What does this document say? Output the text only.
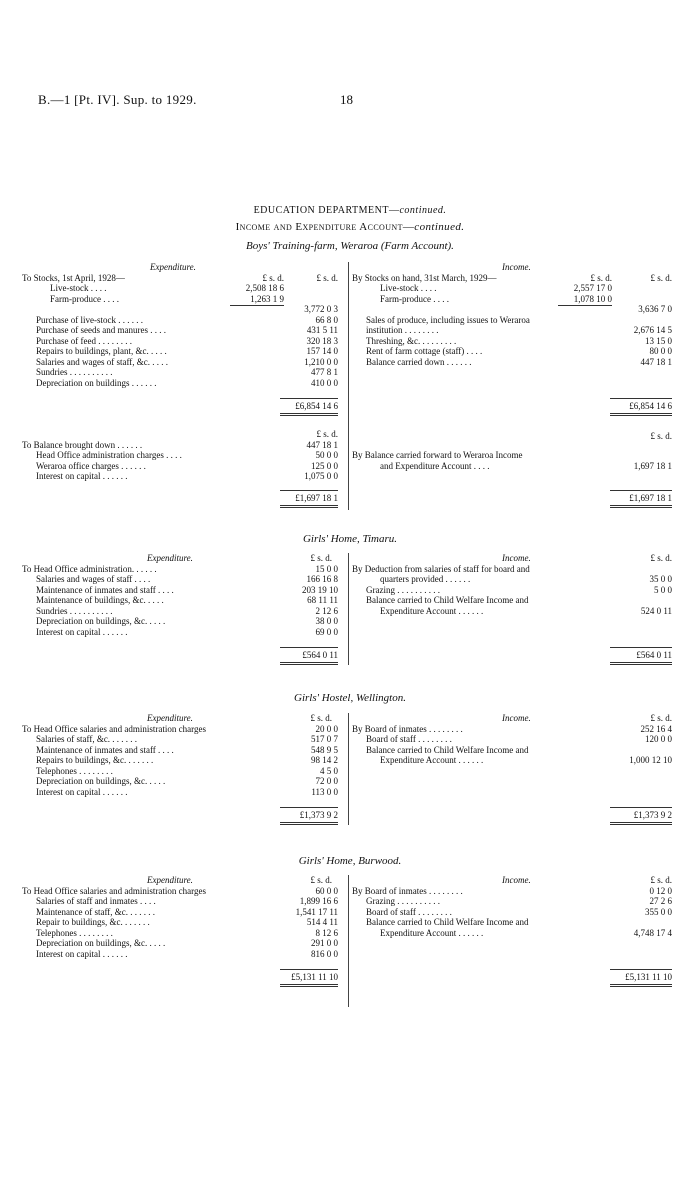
B.—1 [Pt. IV]. Sup. to 1929.	18
EDUCATION DEPARTMENT—continued.
Income and Expenditure Account—continued.
Boys' Training-farm, Weraroa (Farm Account).
Expenditure.
£ s. d.	£ s. d.
To Stocks, 1st April, 1928—
Live-stock . . . .	2,508 18 6
Farm-produce . . . .	1,263 1 9
3,772 0 3
Purchase of live-stock . . . . . .	66 8 0
Purchase of seeds and manures . . . .	431 5 11
Purchase of feed . . . . . . . .	320 18 3
Repairs to buildings, plant, &c. . . . .	157 14 0
Salaries and wages of staff, &c. . . . .	1,210 0 0
Sundries . . . . . . . . . .	477 8 1
Depreciation on buildings . . . . . .	410 0 0
£6,854 14 6
£ s. d.
To Balance brought down . . . . . .	447 18 1
Head Office administration charges . . . .	50 0 0
Weraroa office charges . . . . . .	125 0 0
Interest on capital . . . . . .	1,075 0 0
£1,697 18 1
Income.
£ s. d.	£ s. d.
By Stocks on hand, 31st March, 1929—
Live-stock . . . .	2,557 17 0
Farm-produce . . . .	1,078 10 0
3,636 7 0
Sales of produce, including issues to Weraroa
institution . . . . . . . .	2,676 14 5
Threshing, &c. . . . . . . . .	13 15 0
Rent of farm cottage (staff) . . . .	80 0 0
Balance carried down . . . . . .	447 18 1
£6,854 14 6
£ s. d.
By Balance carried forward to Weraroa Income
and Expenditure Account . . . .	1,697 18 1
£1,697 18 1
Girls' Home, Timaru.
Expenditure.	£ s. d.
To Head Office administration. . . . . .	15 0 0
Salaries and wages of staff . . . .	166 16 8
Maintenance of inmates and staff . . . .	203 19 10
Maintenance of buildings, &c. . . . .	68 11 11
Sundries . . . . . . . . . .	2 12 6
Depreciation on buildings, &c. . . . .	38 0 0
Interest on capital . . . . . .	69 0 0
£564 0 11
Income.	£ s. d.
By Deduction from salaries of staff for board and
quarters provided . . . . . .	35 0 0
Grazing . . . . . . . . . .	5 0 0
Balance carried to Child Welfare Income and
Expenditure Account . . . . . .	524 0 11
£564 0 11
Girls' Hostel, Wellington.
Expenditure.	£ s. d.
To Head Office salaries and administration charges	20 0 0
Salaries of staff, &c. . . . . . .	517 0 7
Maintenance of inmates and staff . . . .	548 9 5
Repairs to buildings, &c. . . . . . .	98 14 2
Telephones . . . . . . . .	4 5 0
Depreciation on buildings, &c. . . . .	72 0 0
Interest on capital . . . . . .	113 0 0
£1,373 9 2
Income.	£ s. d.
By Board of inmates . . . . . . . .	252 16 4
Board of staff . . . . . . . .	120 0 0
Balance carried to Child Welfare Income and
Expenditure Account . . . . . .	1,000 12 10
£1,373 9 2
Girls' Home, Burwood.
Expenditure.	£ s. d.
To Head Office salaries and administration charges	60 0 0
Salaries of staff and inmates . . . .	1,899 16 6
Maintenance of staff, &c. . . . . . .	1,541 17 11
Repair to buildings, &c. . . . . . .	514 4 11
Telephones . . . . . . . .	8 12 6
Depreciation on buildings, &c. . . . .	291 0 0
Interest on capital . . . . . .	816 0 0
£5,131 11 10
Income.	£ s. d.
By Board of inmates . . . . . . . .	0 12 0
Grazing . . . . . . . . . .	27 2 6
Board of staff . . . . . . . .	355 0 0
Balance carried to Child Welfare Income and
Expenditure Account . . . . . .	4,748 17 4
£5,131 11 10
